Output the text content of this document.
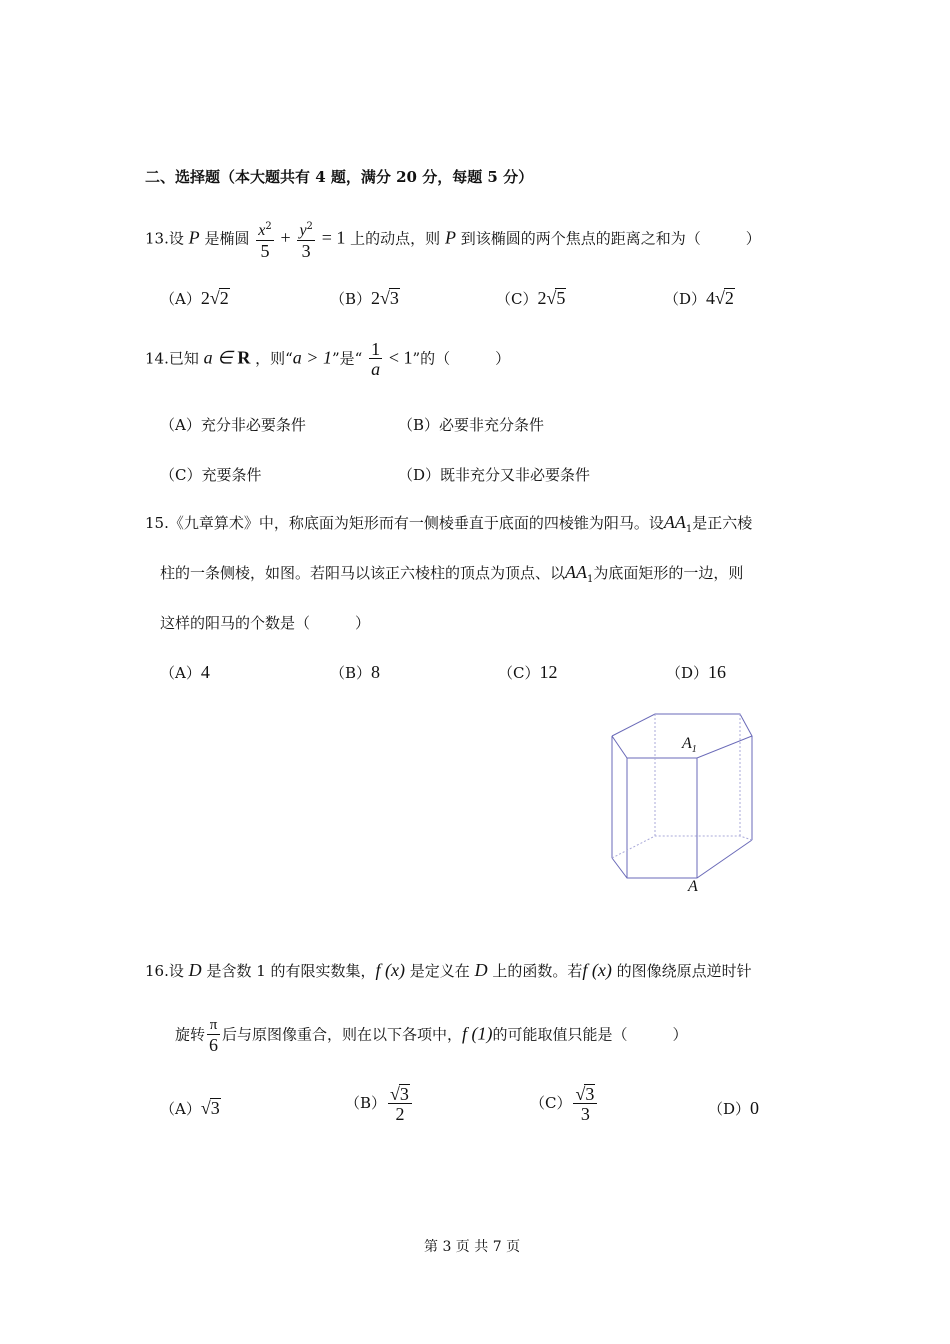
二、选择题（本大题共有 4 题，满分 20 分，每题 5 分）
13.设 P 是椭圆 $\frac{x^2}{5} + \frac{y^2}{3} = 1$ 上的动点，则 P 到该椭圆的两个焦点的距离之和为（　　　）
（A）2√2	（B）2√3	（C）2√5	（D）4√2
14.已知 a ∈ R ，则“a > 1”是“ $\frac{1}{a} < 1$”的（　　　）
（A）充分非必要条件	（B）必要非充分条件
（C）充要条件	（D）既非充分又非必要条件
15.《九章算术》中，称底面为矩形而有一侧棱垂直于底面的四棱锥为阳马。设$AA_1$是正六棱
柱的一条侧棱，如图。若阳马以该正六棱柱的顶点为顶点、以$AA_1$为底面矩形的一边，则
这样的阳马的个数是（　　　）
（A）4	（B）8	（C）12	（D）16
$A_1$
A
16.设 D 是含数 1 的有限实数集，f (x) 是定义在 D 上的函数。若f (x) 的图像绕原点逆时针
旋转 $\frac{\pi}{6}$ 后与原图像重合，则在以下各项中，f (1)的可能取值只能是（　　　）
（A）√3	$(B) \frac{√3}{2}$	$(C) \frac{√3}{3}$	（D）0
第 3 页 共 7 页
